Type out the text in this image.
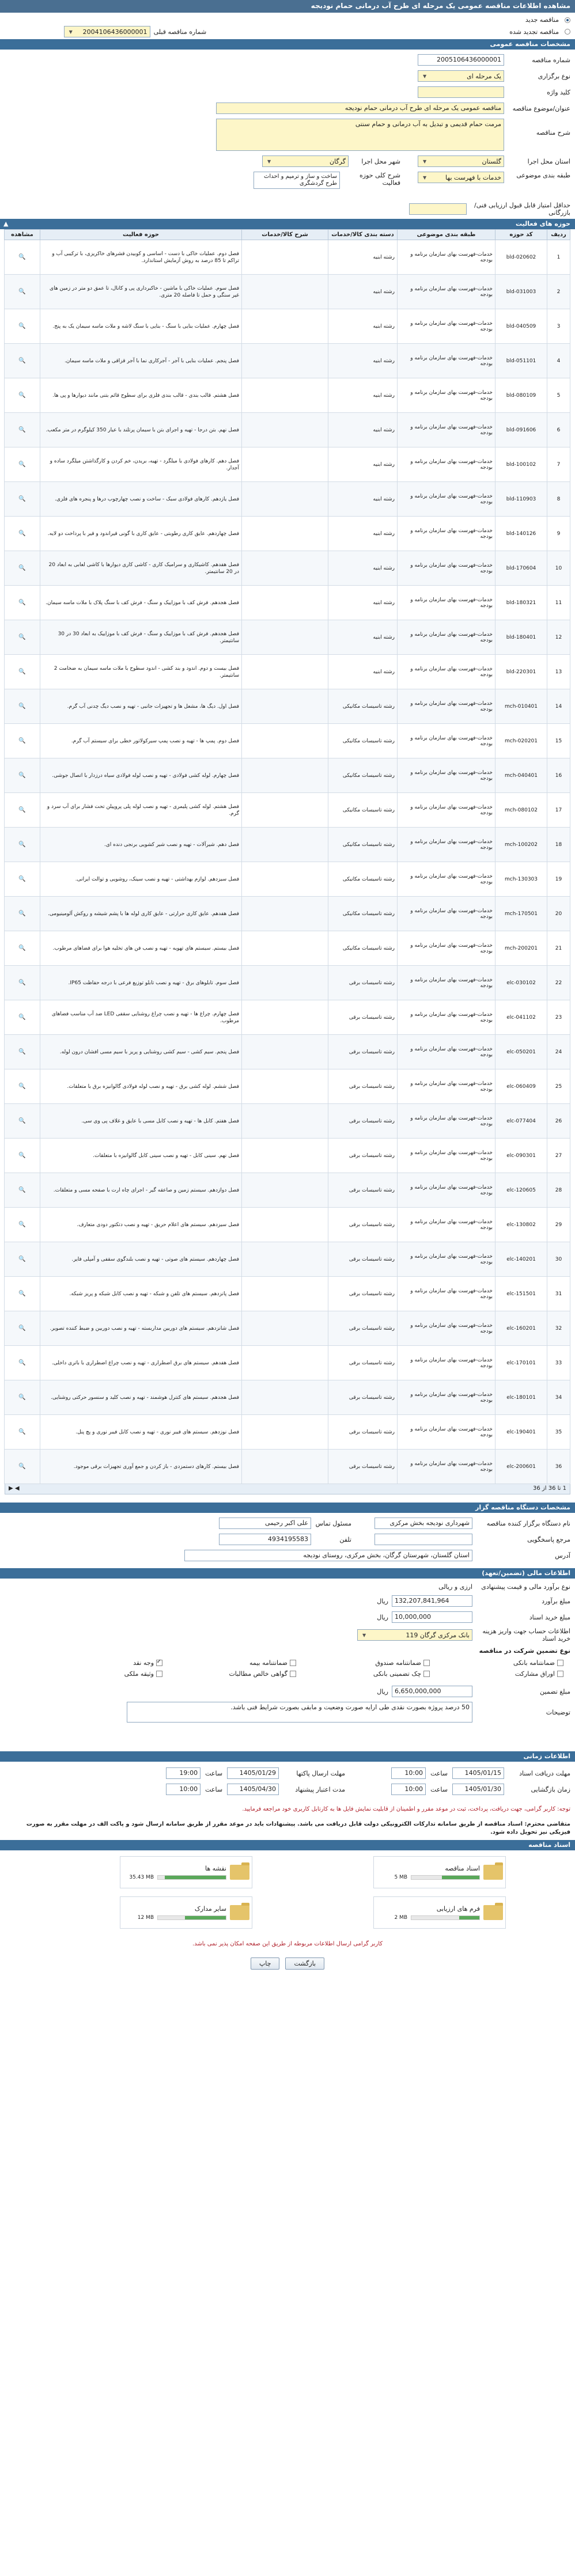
مشاهده اطلاعات مناقصه عمومی یک مرحله ای طرح آب درمانی حمام نودیجه
مناقصه جدید
مناقصه تجدید شده
شماره مناقصه قبلی
2004106436000001
▼
مشخصات مناقصه عمومی
شماره مناقصه
2005106436000001
نوع برگزاری
یک مرحله ای
▼
کلید واژه
عنوان/موضوع مناقصه
مناقصه عمومی یک مرحله ای طرح آب درمانی حمام نودیجه
شرح مناقصه
مرمت حمام قدیمی و تبدیل به آب درمانی و حمام سنتی
استان محل اجرا
گلستان
▼
شهر محل اجرا
گرگان
▼
طبقه بندی موضوعی
خدمات با فهرست بها
▼
شرح کلی حوزه فعالیت
ساخت و ساز و ترمیم و احداث طرح گردشگری
حداقل امتیاز قابل قبول ارزیابی فنی/بازرگانی
حوزه های فعالیت
▲
ردیف	کد حوزه	طبقه بندی موضوعی	دسته بندی کالا/خدمات	شرح کالا/خدمات	حوزه فعالیت	مشاهده
1	bld-020602	خدمات-فهرست بهای سازمان برنامه و بودجه	رشته ابنیه		فصل دوم. عملیات خاکی با دست - اساسی و کوبیدن قشرهای خاکریزی، با ترکیبی آب و تراکم تا 85 درصد به روش آزمایش استاندارد.	🔍
2	bld-031003	خدمات-فهرست بهای سازمان برنامه و بودجه	رشته ابنیه		فصل سوم. عملیات خاکی با ماشین - خاکبرداری پی و کانال، تا عمق دو متر در زمین های غیر سنگی و حمل تا فاصله 20 متری.	🔍
3	bld-040509	خدمات-فهرست بهای سازمان برنامه و بودجه	رشته ابنیه		فصل چهارم. عملیات بنایی با سنگ - بنایی با سنگ لاشه و ملات ماسه سیمان یک به پنج.	🔍
4	bld-051101	خدمات-فهرست بهای سازمان برنامه و بودجه	رشته ابنیه		فصل پنجم. عملیات بنایی با آجر - آجرکاری نما با آجر قزاقی و ملات ماسه سیمان.	🔍
5	bld-080109	خدمات-فهرست بهای سازمان برنامه و بودجه	رشته ابنیه		فصل هشتم. قالب بندی - قالب بندی فلزی برای سطوح قائم بتنی مانند دیوارها و پی ها.	🔍
6	bld-091606	خدمات-فهرست بهای سازمان برنامه و بودجه	رشته ابنیه		فصل نهم. بتن درجا - تهیه و اجرای بتن با سیمان پرتلند با عیار 350 کیلوگرم در متر مکعب.	🔍
7	bld-100102	خدمات-فهرست بهای سازمان برنامه و بودجه	رشته ابنیه		فصل دهم. کارهای فولادی با میلگرد - تهیه، بریدن، خم کردن و کارگذاشتن میلگرد ساده و آجدار.	🔍
8	bld-110903	خدمات-فهرست بهای سازمان برنامه و بودجه	رشته ابنیه		فصل یازدهم. کارهای فولادی سبک - ساخت و نصب چهارچوب درها و پنجره های فلزی.	🔍
9	bld-140126	خدمات-فهرست بهای سازمان برنامه و بودجه	رشته ابنیه		فصل چهاردهم. عایق کاری رطوبتی - عایق کاری با گونی قیراندود و قیر با پرداخت دو لایه.	🔍
10	bld-170604	خدمات-فهرست بهای سازمان برنامه و بودجه	رشته ابنیه		فصل هفدهم. کاشیکاری و سرامیک کاری - کاشی کاری دیوارها با کاشی لعابی به ابعاد 20 در 20 سانتیمتر.	🔍
11	bld-180321	خدمات-فهرست بهای سازمان برنامه و بودجه	رشته ابنیه		فصل هجدهم. فرش کف با موزاییک و سنگ - فرش کف با سنگ پلاک با ملات ماسه سیمان.	🔍
12	bld-180401	خدمات-فهرست بهای سازمان برنامه و بودجه	رشته ابنیه		فصل هجدهم. فرش کف با موزاییک و سنگ - فرش کف با موزاییک به ابعاد 30 در 30 سانتیمتر.	🔍
13	bld-220301	خدمات-فهرست بهای سازمان برنامه و بودجه	رشته ابنیه		فصل بیست و دوم. اندود و بند کشی - اندود سطوح با ملات ماسه سیمان به ضخامت 2 سانتیمتر.	🔍
14	mch-010401	خدمات-فهرست بهای سازمان برنامه و بودجه	رشته تاسیسات مکانیکی		فصل اول. دیگ ها، مشعل ها و تجهیزات جانبی - تهیه و نصب دیگ چدنی آب گرم.	🔍
15	mch-020201	خدمات-فهرست بهای سازمان برنامه و بودجه	رشته تاسیسات مکانیکی		فصل دوم. پمپ ها - تهیه و نصب پمپ سیرکولاتور خطی برای سیستم آب گرم.	🔍
16	mch-040401	خدمات-فهرست بهای سازمان برنامه و بودجه	رشته تاسیسات مکانیکی		فصل چهارم. لوله کشی فولادی - تهیه و نصب لوله فولادی سیاه درزدار با اتصال جوشی.	🔍
17	mch-080102	خدمات-فهرست بهای سازمان برنامه و بودجه	رشته تاسیسات مکانیکی		فصل هشتم. لوله کشی پلیمری - تهیه و نصب لوله پلی پروپیلن تحت فشار برای آب سرد و گرم.	🔍
18	mch-100202	خدمات-فهرست بهای سازمان برنامه و بودجه	رشته تاسیسات مکانیکی		فصل دهم. شیرآلات - تهیه و نصب شیر کشویی برنجی دنده ای.	🔍
19	mch-130303	خدمات-فهرست بهای سازمان برنامه و بودجه	رشته تاسیسات مکانیکی		فصل سیزدهم. لوازم بهداشتی - تهیه و نصب سینک، روشویی و توالت ایرانی.	🔍
20	mch-170501	خدمات-فهرست بهای سازمان برنامه و بودجه	رشته تاسیسات مکانیکی		فصل هفدهم. عایق کاری حرارتی - عایق کاری لوله ها با پشم شیشه و روکش آلومینیومی.	🔍
21	mch-200201	خدمات-فهرست بهای سازمان برنامه و بودجه	رشته تاسیسات مکانیکی		فصل بیستم. سیستم های تهویه - تهیه و نصب فن های تخلیه هوا برای فضاهای مرطوب.	🔍
22	elc-030102	خدمات-فهرست بهای سازمان برنامه و بودجه	رشته تاسیسات برقی		فصل سوم. تابلوهای برق - تهیه و نصب تابلو توزیع فرعی با درجه حفاظت IP65.	🔍
23	elc-041102	خدمات-فهرست بهای سازمان برنامه و بودجه	رشته تاسیسات برقی		فصل چهارم. چراغ ها - تهیه و نصب چراغ روشنایی سقفی LED ضد آب مناسب فضاهای مرطوب.	🔍
24	elc-050201	خدمات-فهرست بهای سازمان برنامه و بودجه	رشته تاسیسات برقی		فصل پنجم. سیم کشی - سیم کشی روشنایی و پریز با سیم مسی افشان درون لوله.	🔍
25	elc-060409	خدمات-فهرست بهای سازمان برنامه و بودجه	رشته تاسیسات برقی		فصل ششم. لوله کشی برق - تهیه و نصب لوله فولادی گالوانیزه برق با متعلقات.	🔍
26	elc-077404	خدمات-فهرست بهای سازمان برنامه و بودجه	رشته تاسیسات برقی		فصل هفتم. کابل ها - تهیه و نصب کابل مسی با عایق و غلاف پی وی سی.	🔍
27	elc-090301	خدمات-فهرست بهای سازمان برنامه و بودجه	رشته تاسیسات برقی		فصل نهم. سینی کابل - تهیه و نصب سینی کابل گالوانیزه با متعلقات.	🔍
28	elc-120605	خدمات-فهرست بهای سازمان برنامه و بودجه	رشته تاسیسات برقی		فصل دوازدهم. سیستم زمین و صاعقه گیر - اجرای چاه ارت با صفحه مسی و متعلقات.	🔍
29	elc-130802	خدمات-فهرست بهای سازمان برنامه و بودجه	رشته تاسیسات برقی		فصل سیزدهم. سیستم های اعلام حریق - تهیه و نصب دتکتور دودی متعارف.	🔍
30	elc-140201	خدمات-فهرست بهای سازمان برنامه و بودجه	رشته تاسیسات برقی		فصل چهاردهم. سیستم های صوتی - تهیه و نصب بلندگوی سقفی و آمپلی فایر.	🔍
31	elc-151501	خدمات-فهرست بهای سازمان برنامه و بودجه	رشته تاسیسات برقی		فصل پانزدهم. سیستم های تلفن و شبکه - تهیه و نصب کابل شبکه و پریز شبکه.	🔍
32	elc-160201	خدمات-فهرست بهای سازمان برنامه و بودجه	رشته تاسیسات برقی		فصل شانزدهم. سیستم های دوربین مداربسته - تهیه و نصب دوربین و ضبط کننده تصویر.	🔍
33	elc-170101	خدمات-فهرست بهای سازمان برنامه و بودجه	رشته تاسیسات برقی		فصل هفدهم. سیستم های برق اضطراری - تهیه و نصب چراغ اضطراری با باتری داخلی.	🔍
34	elc-180101	خدمات-فهرست بهای سازمان برنامه و بودجه	رشته تاسیسات برقی		فصل هجدهم. سیستم های کنترل هوشمند - تهیه و نصب کلید و سنسور حرکتی روشنایی.	🔍
35	elc-190401	خدمات-فهرست بهای سازمان برنامه و بودجه	رشته تاسیسات برقی		فصل نوزدهم. سیستم های فیبر نوری - تهیه و نصب کابل فیبر نوری و پچ پنل.	🔍
36	elc-200601	خدمات-فهرست بهای سازمان برنامه و بودجه	رشته تاسیسات برقی		فصل بیستم. کارهای دستمزدی - باز کردن و جمع آوری تجهیزات برقی موجود.	🔍
1 تا 36 از 36
◀ ▶
مشخصات دستگاه مناقصه گزار
نام دستگاه برگزار کننده مناقصه
شهرداری نودیجه بخش مرکزی
مسئول تماس
علی اکبر رحیمی
مرجع پاسخگویی
تلفن
4934195583
آدرس
استان گلستان، شهرستان گرگان، بخش مرکزی، روستای نودیجه
اطلاعات مالی (تضمین/تعهد)
نوع برآورد مالی و قیمت پیشنهادی
ارزی و ریالی
مبلغ برآورد
132,207,841,964
ریال
مبلغ خرید اسناد
10,000,000
ریال
اطلاعات حساب جهت واریز هزینه خرید اسناد
بانک مرکزی گرگان 119
▼
نوع تضمین شرکت در مناقصه
ضمانتنامه بانکی
ضمانتنامه صندوق
ضمانتنامه بیمه
✓
وجه نقد
اوراق مشارکت
چک تضمینی بانکی
گواهی خالص مطالبات
وثیقه ملکی
مبلغ تضمین
6,650,000,000
ریال
توضیحات
50 درصد پروژه بصورت نقدی طی ارایه صورت وضعیت و مابقی بصورت شرایط فنی باشد.
اطلاعات زمانی
مهلت دریافت اسناد
1405/01/15
ساعت
10:00
مهلت ارسال پاکتها
1405/01/29
ساعت
19:00
زمان بازگشایی
1405/01/30
ساعت
10:00
مدت اعتبار پیشنهاد
1405/04/30
ساعت
10:00
توجه: کاربر گرامی، جهت دریافت، پرداخت، ثبت در موعد مقرر و اطمینان از قابلیت نمایش فایل ها به کارتابل کاربری خود مراجعه فرمایید.
متقاضی محترم: اسناد مناقصه از طریق سامانه تدارکات الکترونیکی دولت قابل دریافت می باشد. پیشنهادات باید در موعد مقرر از طریق سامانه ارسال شود و پاکت الف در مهلت مقرر به صورت فیزیکی نیز تحویل داده شود.
اسناد مناقصه
اسناد مناقصه
5 MB
نقشه ها
35.43 MB
فرم های ارزیابی
2 MB
سایر مدارک
12 MB
کاربر گرامی ارسال اطلاعات مربوطه از طریق این صفحه امکان پذیر نمی باشد.
بازگشت
چاپ
